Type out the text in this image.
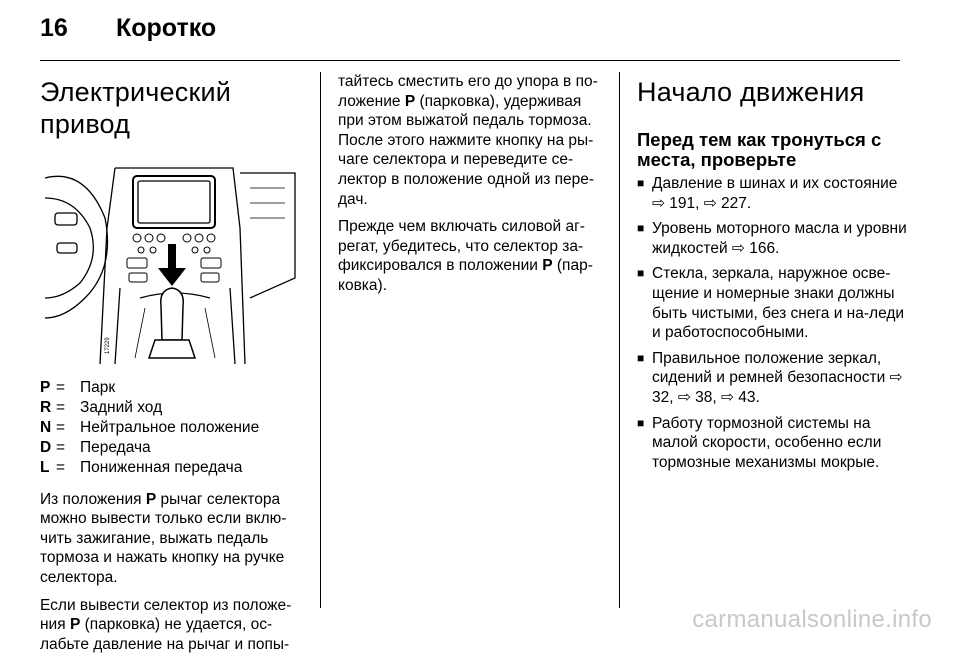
16 Коротко
Электрический привод
17229
P = Парк
R = Задний ход
N = Нейтральное положение
D = Передача
L = Пониженная передача

Из положения P рычаг селектора можно вывести только если вклю-чить зажигание, выжать педаль тормоза и нажать кнопку на ручке селектора.

Если вывести селектор из положе-ния P (парковка) не удается, ос-лабьте давление на рычаг и попы-

тайтесь сместить его до упора в по-ложение P (парковка), удерживая при этом выжатой педаль тормоза. После этого нажмите кнопку на ры-чаге селектора и переведите се-лектор в положение одной из пере-дач.

Прежде чем включать силовой аг-регат, убедитесь, что селектор за-фиксировался в положении P (пар-ковка).

Начало движения
Перед тем как тронуться с места, проверьте
■ Давление в шинах и их состояние ⇨ 191, ⇨ 227.
■ Уровень моторного масла и уровни жидкостей ⇨ 166.
■ Стекла, зеркала, наружное осве-щение и номерные знаки должны быть чистыми, без снега и на-леди и работоспособными.
■ Правильное положение зеркал, сидений и ремней безопасности ⇨ 32, ⇨ 38, ⇨ 43.
■ Работу тормозной системы на малой скорости, особенно если тормозные механизмы мокрые.
carmanualsonline.info
